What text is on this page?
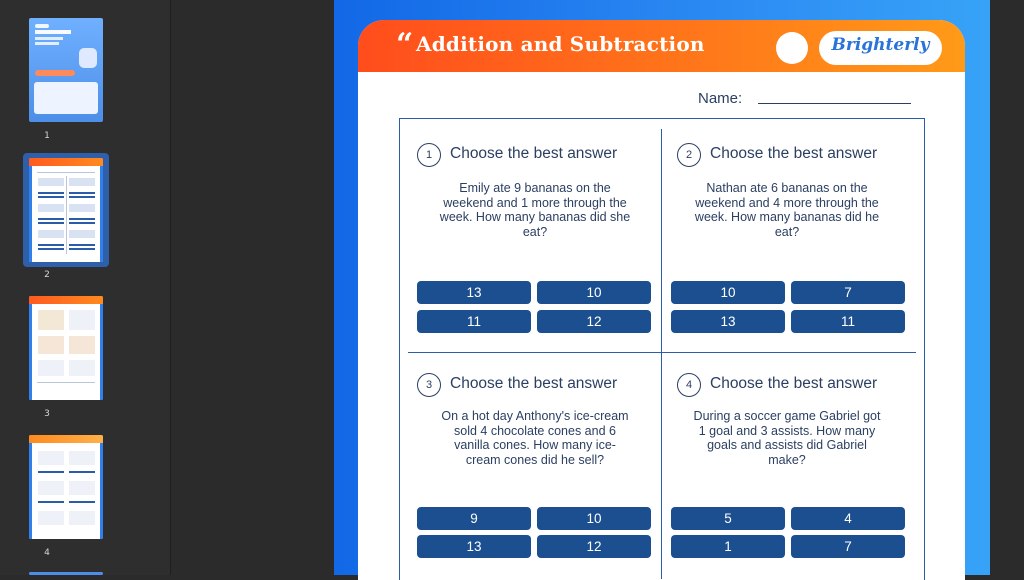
1
2
3
4
“ Addition and Subtraction	Brighterly
Name:
1	Choose the best answer
Emily ate 9 bananas on the weekend and 1 more through the week. How many bananas did she eat?
13	10
11	12
2	Choose the best answer
Nathan ate 6 bananas on the weekend and 4 more through the week. How many bananas did he eat?
10	7
13	11
3	Choose the best answer
On a hot day Anthony's ice-cream sold 4 chocolate cones and 6 vanilla cones. How many ice- cream cones did he sell?
9	10
13	12
4	Choose the best answer
During a soccer game Gabriel got 1 goal and 3 assists. How many goals and assists did Gabriel make?
5	4
1	7
